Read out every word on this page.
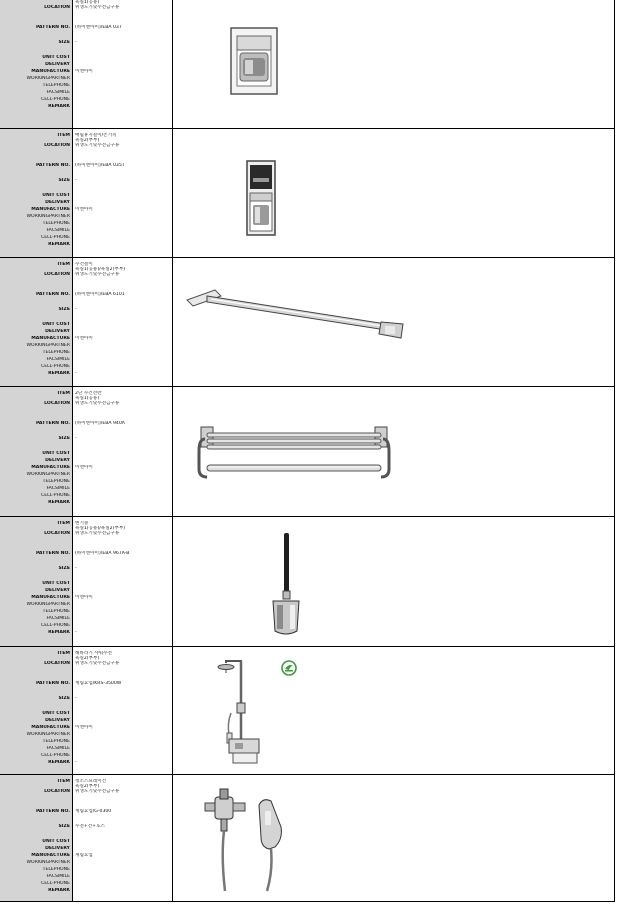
LOCATION
PATTERN NO.
SIZE
UNIT COST
DELIVERY
MANUFACTURE
WORKINGPARTNER
TELEPHONE
FACSIMILE
CELL-PHONE
REMARK
욕실1(공용)
위생도기및수전금구류
(하이엔아이)/EBA 037
-
이엔아이
ITEM
LOCATION
PATTERN NO.
SIZE
UNIT COST
DELIVERY
MANUFACTURE
WORKINGPARTNER
TELEPHONE
FACSIMILE
CELL-PHONE
REMARK
매립휴지걸이/존거치
욕실2(부부)
위생도기및수전금구류
(하이엔아이)/EBA 035T
-
이엔아이
ITEM
LOCATION
PATTERN NO.
SIZE
UNIT COST
DELIVERY
MANUFACTURE
WORKINGPARTNER
TELEPHONE
FACSIMILE
CELL-PHONE
REMARK
수건걸이
욕실1(공용)/욕실2(부부)
위생도기및수전금구류
(하이엔아이)/EBA 6101
-
이엔아이
-
ITEM
LOCATION
PATTERN NO.
SIZE
UNIT COST
DELIVERY
MANUFACTURE
WORKINGPARTNER
TELEPHONE
FACSIMILE
CELL-PHONE
REMARK
2단 수건선반
욕실1(공용)
위생도기및수전금구류
(하이엔아이)/EBA 940A
-
이엔아이
ITEM
LOCATION
PATTERN NO.
SIZE
UNIT COST
DELIVERY
MANUFACTURE
WORKINGPARTNER
TELEPHONE
FACSIMILE
CELL-PHONE
REMARK
변기솔
욕실1(공용)/욕실2(부부)
위생도기및수전금구류
(하이엔아이)/EBA 967A-B
-
이엔아이
-
ITEM
LOCATION
PATTERN NO.
SIZE
UNIT COST
DELIVERY
MANUFACTURE
WORKINGPARTNER
TELEPHONE
FACSIMILE
CELL-PHONE
REMARK
해바라기 샤워수전
욕실2(부부)
위생도기및수전금구류
계림요업/KRS-3500W
-
이엔아이
-
ITEM
LOCATION
PATTERN NO.
SIZE
UNIT COST
DELIVERY
MANUFACTURE
WORKINGPARTNER
TELEPHONE
FACSIMILE
CELL-PHONE
REMARK
청소스프레이건
욕실2(부부)
위생도기및수전금구류
계림요업/G-0300
수전+건+호스
계림요업
